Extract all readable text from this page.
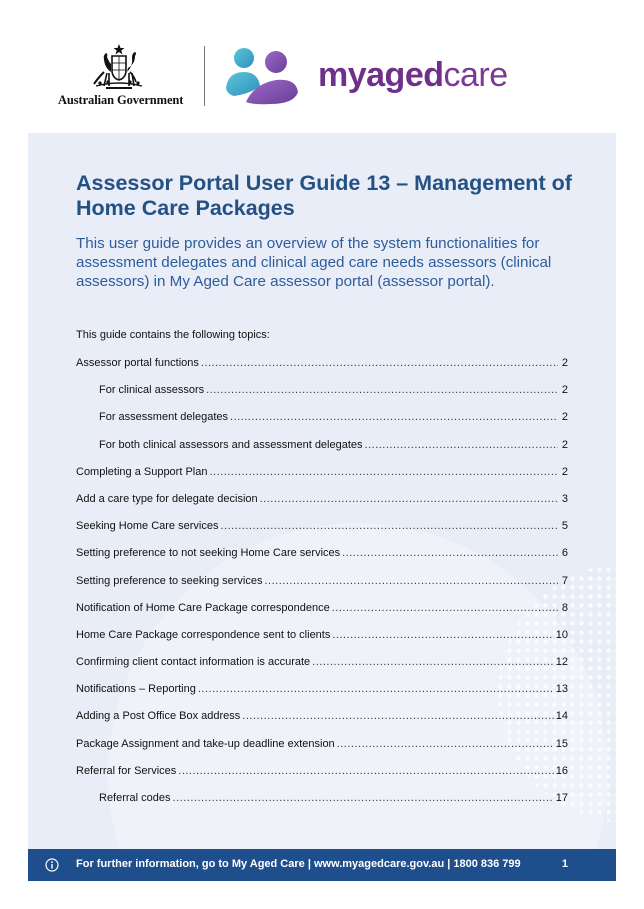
Australian Government
myagedcare
Assessor Portal User Guide 13 – Management of Home Care Packages
This user guide provides an overview of the system functionalities for assessment delegates and clinical aged care needs assessors (clinical assessors) in My Aged Care assessor portal (assessor portal).
This guide contains the following topics:
Assessor portal functions .....	2
For clinical assessors .....	2
For assessment delegates .....	2
For both clinical assessors and assessment delegates .....	2
Completing a Support Plan .....	2
Add a care type for delegate decision .....	3
Seeking Home Care services .....	5
Setting preference to not seeking Home Care services .....	6
Setting preference to seeking services .....	7
Notification of Home Care Package correspondence .....	8
Home Care Package correspondence sent to clients .....	10
Confirming client contact information is accurate .....	12
Notifications – Reporting .....	13
Adding a Post Office Box address .....	14
Package Assignment and take-up deadline extension .....	15
Referral for Services .....	16
Referral codes .....	17
For further information, go to My Aged Care | www.myagedcare.gov.au | 1800 836 799	1
